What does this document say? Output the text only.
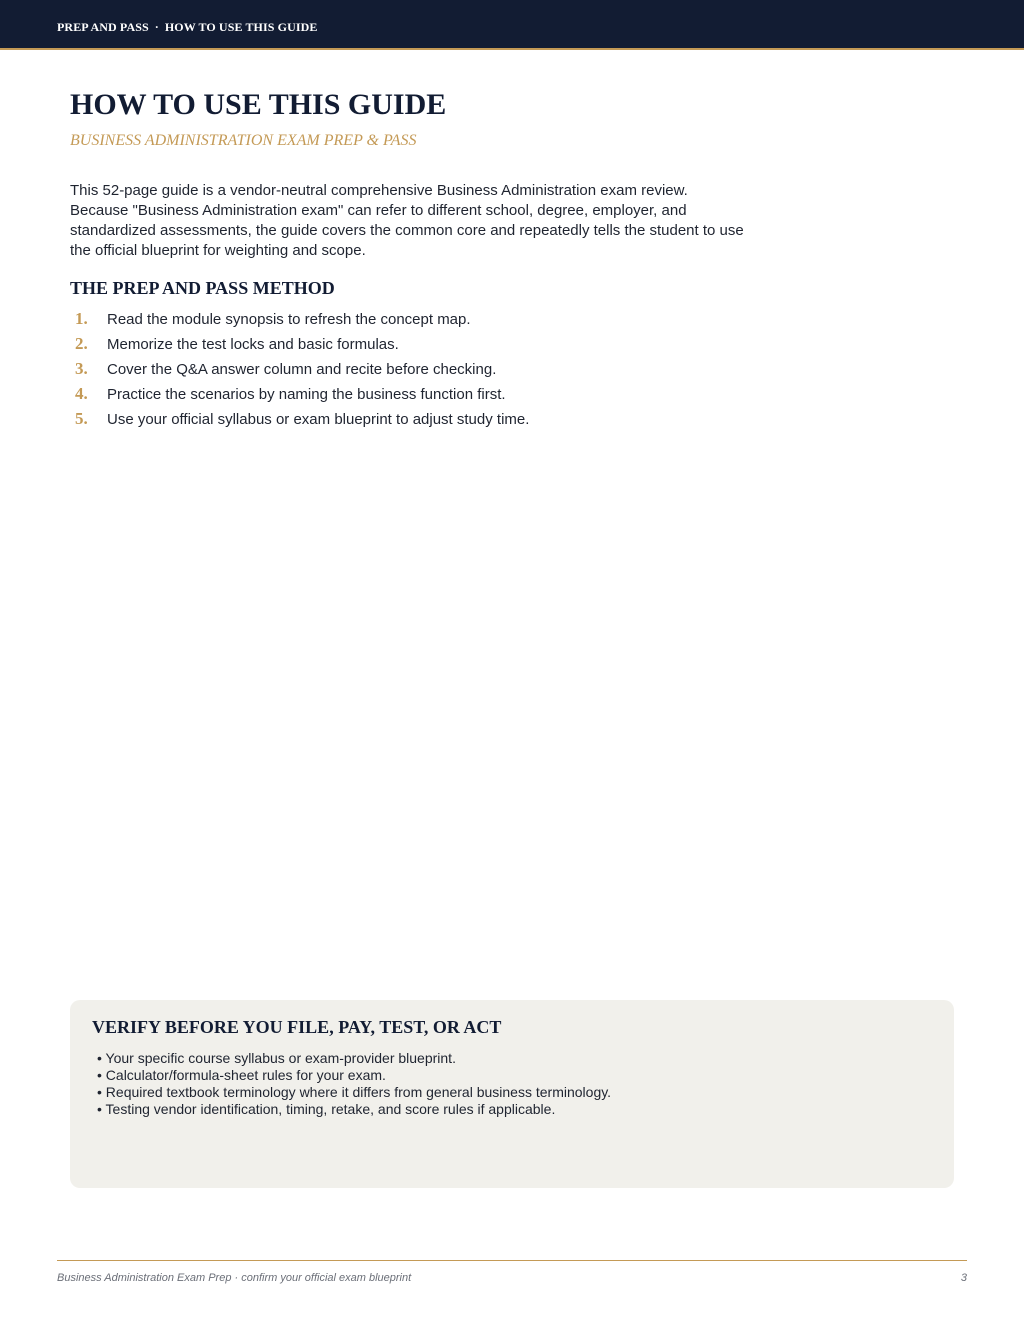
PREP AND PASS · HOW TO USE THIS GUIDE
HOW TO USE THIS GUIDE
BUSINESS ADMINISTRATION EXAM PREP & PASS

This 52-page guide is a vendor-neutral comprehensive Business Administration exam review. Because "Business Administration exam" can refer to different school, degree, employer, and standardized assessments, the guide covers the common core and repeatedly tells the student to use the official blueprint for weighting and scope.

THE PREP AND PASS METHOD
1. Read the module synopsis to refresh the concept map.
2. Memorize the test locks and basic formulas.
3. Cover the Q&A answer column and recite before checking.
4. Practice the scenarios by naming the business function first.
5. Use your official syllabus or exam blueprint to adjust study time.
VERIFY BEFORE YOU FILE, PAY, TEST, OR ACT
• Your specific course syllabus or exam-provider blueprint.
• Calculator/formula-sheet rules for your exam.
• Required textbook terminology where it differs from general business terminology.
• Testing vendor identification, timing, retake, and score rules if applicable.
Business Administration Exam Prep · confirm your official exam blueprint	3
